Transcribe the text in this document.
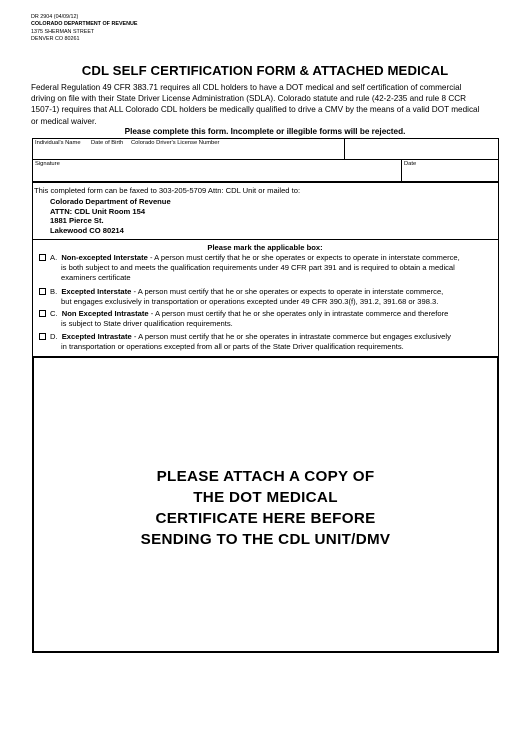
DR 2904 (04/09/12)
COLORADO DEPARTMENT OF REVENUE
1375 SHERMAN STREET
DENVER CO 80261
CDL SELF CERTIFICATION FORM & ATTACHED MEDICAL
Federal Regulation 49 CFR 383.71 requires all CDL holders to have a DOT medical and self certification of commercial
driving on file with their State Driver License Administration (SDLA). Colorado statute and rule (42-2-235 and rule 8 CCR
1507-1) requires that ALL Colorado CDL holders be medically qualified to drive a CMV by the means of a valid DOT medical
or medical waiver.
Please complete this form. Incomplete or illegible forms will be rejected.
Individual's Name Date of Birth Colorado Driver's License Number
Signature	Date
This completed form can be faxed to 303-205-5709 Attn: CDL Unit or mailed to:
Colorado Department of Revenue
ATTN: CDL Unit Room 154
1881 Pierce St.
Lakewood CO 80214
Please mark the applicable box:
A. Non-excepted Interstate - A person must certify that he or she operates or expects to operate in interstate commerce,
is both subject to and meets the qualification requirements under 49 CFR part 391 and is required to obtain a medical
examiners certificate
B. Excepted Interstate - A person must certify that he or she operates or expects to operate in interstate commerce,
but engages exclusively in transportation or operations excepted under 49 CFR 390.3(f), 391.2, 391.68 or 398.3.
C. Non Excepted Intrastate - A person must certify that he or she operates only in intrastate commerce and therefore
is subject to State driver qualification requirements.
D. Excepted Intrastate - A person must certify that he or she operates in intrastate commerce but engages exclusively
in transportation or operations excepted from all or parts of the State Driver qualification requirements.
PLEASE ATTACH A COPY OF
THE DOT MEDICAL
CERTIFICATE HERE BEFORE
SENDING TO THE CDL UNIT/DMV
